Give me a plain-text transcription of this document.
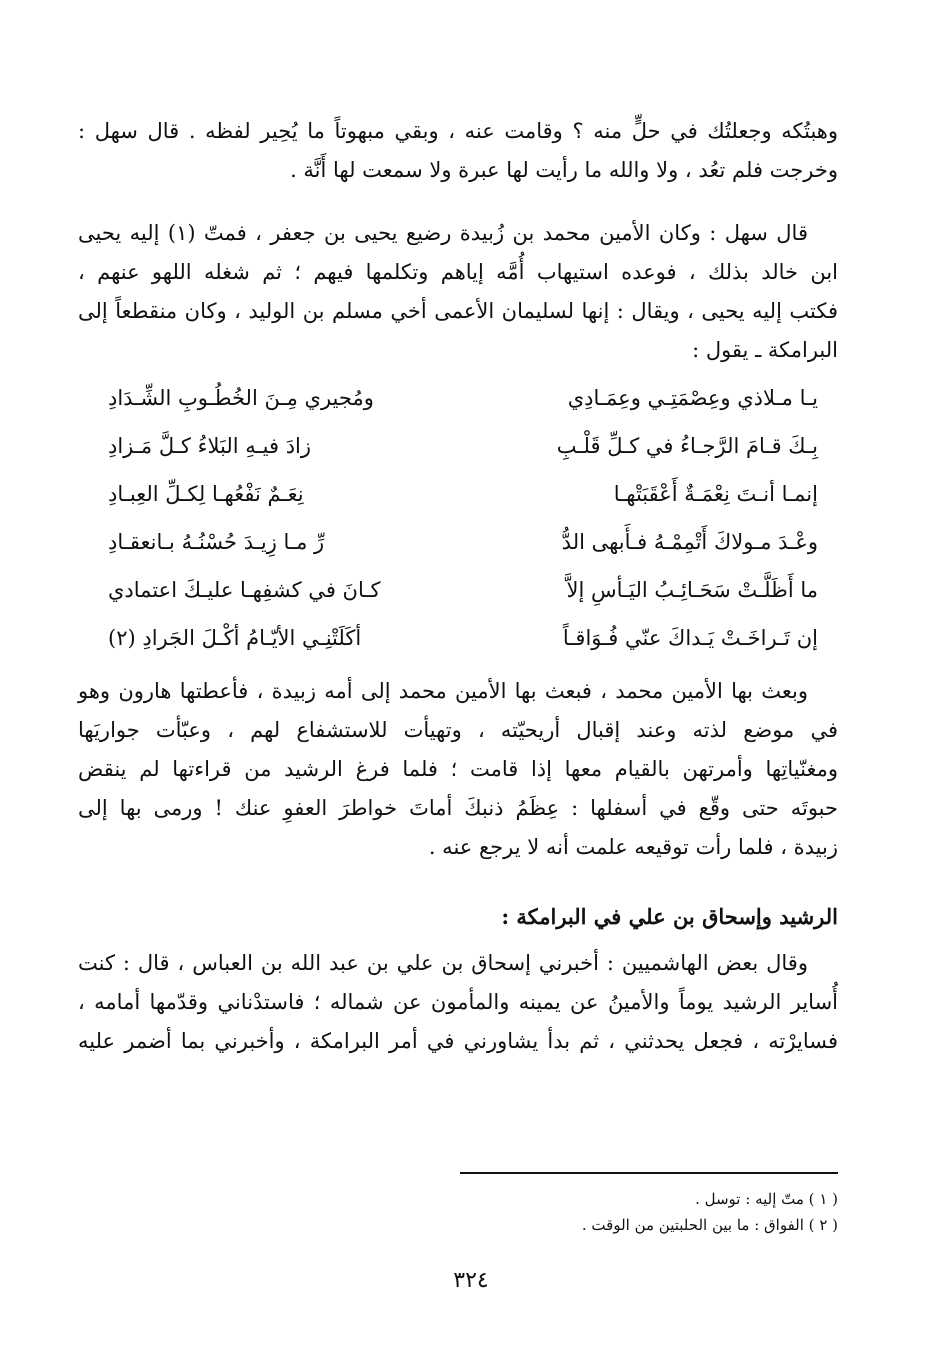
وهبتُكه وجعلتُك في حلٍّ منه ؟ وقامت عنه ، وبقي مبهوتاً ما يُحِير لفظه . قال سهل :
وخرجت فلم تعُد ، ولا والله ما رأيت لها عبرة ولا سمعت لها أَنَّة .
قال سهل : وكان الأمين محمد بن زُبيدة رضيع يحيى بن جعفر ، فمتّ (١) إليه يحيى
ابن خالد بذلك ، فوعده استيهاب أُمَّه إياهم وتكلمها فيهم ؛ ثم شغله اللهو عنهم ،
فكتب إليه يحيى ، ويقال : إنها لسليمان الأعمى أخي مسلم بن الوليد ، وكان منقطعاً إلى
البرامكة ـ يقول :
يـا مـلاذي وعِصْمَتِـي وعِمَـادِي
ومُجيري مِـنَ الخُطُـوبِ الشِّـدَادِ
بِـكَ قـامَ الرَّجـاءُ في كـلِّ قَلْـبِ
زادَ فيـهِ البَلاءُ كـلَّ مَـزادِ
إنمـا أنـتَ نِعْمَـةٌ أَعْقَبَتْهـا
نِعَـمٌ نَفْعُهـا لِكـلِّ العِبـادِ
وعْـدَ مـولاكَ أَتْمِمْـهُ فـأَبهى الدُّ
رِّ مـا زِيـدَ حُسْنُـهُ بـانعقـادِ
ما أَظَلَّـتْ سَحَـائِـبُ اليَـأسِ إلاَّ
كـانَ في كشفِهـا عليـكَ اعتمادي
إن تَـراخَـتْ يَـداكَ عنّي فُـوَاقـاً
أكَلَتْنِـي الأيّـامُ أكْـلَ الجَرادِ (٢)
وبعث بها الأمين محمد ، فبعث بها الأمين محمد إلى أمه زبيدة ، فأعطتها هارون وهو
في موضع لذته وعند إقبال أريحيّته ، وتهيأت للاستشفاع لهم ، وعبّأت جواريَها
ومغنّياتِها وأمرتهن بالقيام معها إذا قامت ؛ فلما فرغ الرشيد من قراءتها لم ينقض
حبوتَه حتى وقّع في أسفلها : عِظَمُ ذنبكَ أماتَ خواطرَ العفوِ عنك ! ورمى بها إلى
زبيدة ، فلما رأت توقيعه علمت أنه لا يرجع عنه .
الرشيد وإسحاق بن علي في البرامكة :
وقال بعض الهاشميين : أخبرني إسحاق بن علي بن عبد الله بن العباس ، قال : كنت
أُساير الرشيد يوماً والأمينُ عن يمينه والمأمون عن شماله ؛ فاستدْناني وقدّمها أمامه ،
فسايرْته ، فجعل يحدثني ، ثم بدأ يشاورني في أمر البرامكة ، وأخبرني بما أضمر عليه
( ١ ) متّ إليه : توسل .
( ٢ ) الفواق : ما بين الحلبتين من الوقت .
٣٢٤
